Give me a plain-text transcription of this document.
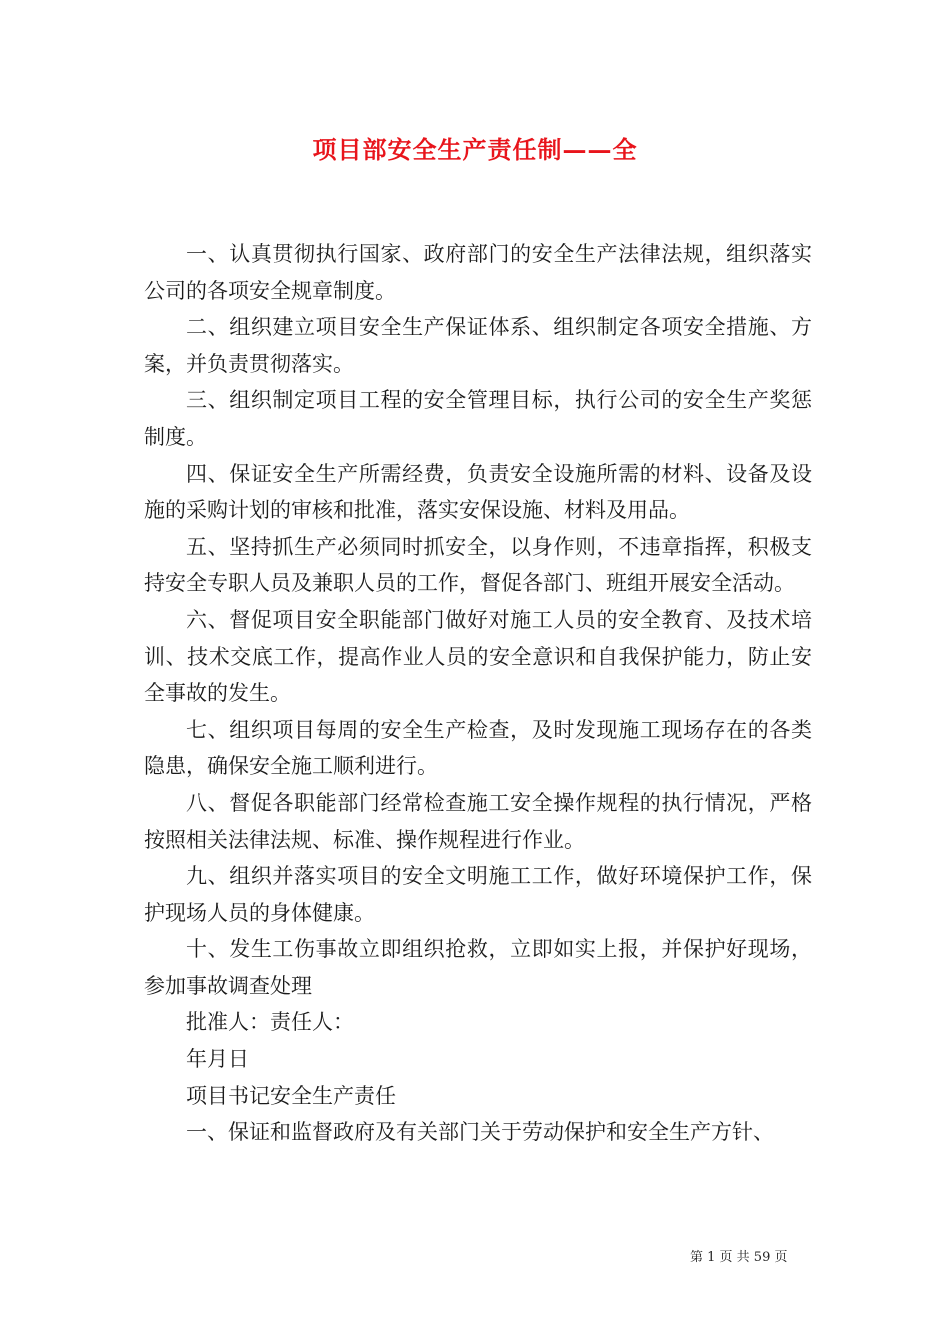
项目部安全生产责任制——全

一、认真贯彻执行国家、政府部门的安全生产法律法规，组织落实公司的各项安全规章制度。

二、组织建立项目安全生产保证体系、组织制定各项安全措施、方案，并负责贯彻落实。

三、组织制定项目工程的安全管理目标，执行公司的安全生产奖惩制度。

四、保证安全生产所需经费，负责安全设施所需的材料、设备及设施的采购计划的审核和批准，落实安保设施、材料及用品。

五、坚持抓生产必须同时抓安全，以身作则，不违章指挥，积极支持安全专职人员及兼职人员的工作，督促各部门、班组开展安全活动。

六、督促项目安全职能部门做好对施工人员的安全教育、及技术培训、技术交底工作，提高作业人员的安全意识和自我保护能力，防止安全事故的发生。

七、组织项目每周的安全生产检查，及时发现施工现场存在的各类隐患，确保安全施工顺利进行。

八、督促各职能部门经常检查施工安全操作规程的执行情况，严格按照相关法律法规、标准、操作规程进行作业。

九、组织并落实项目的安全文明施工工作，做好环境保护工作，保护现场人员的身体健康。

十、发生工伤事故立即组织抢救，立即如实上报，并保护好现场，参加事故调查处理

批准人：责任人：

年月日

项目书记安全生产责任

一、保证和监督政府及有关部门关于劳动保护和安全生产方针、

第 1 页 共 59 页
